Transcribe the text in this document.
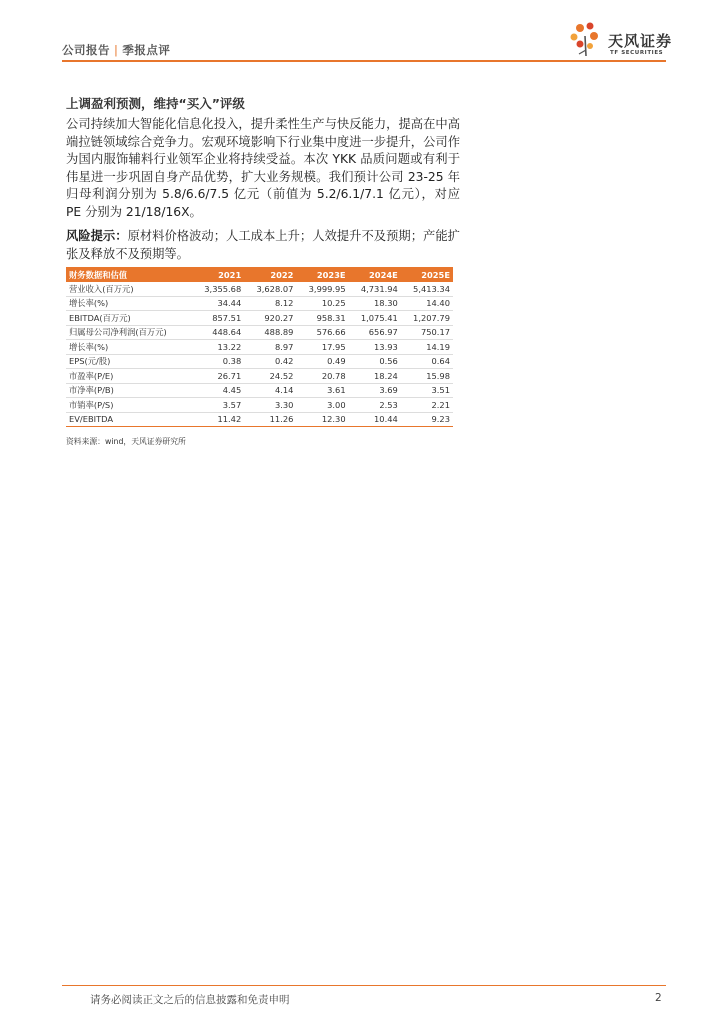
公司报告 | 季报点评	天风证券
TF SECURITIES
上调盈利预测，维持“买入”评级
公司持续加大智能化信息化投入，提升柔性生产与快反能力，提高在中高端拉链领域综合竞争力。宏观环境影响下行业集中度进一步提升，公司作为国内服饰辅料行业领军企业将持续受益。本次 YKK 品质问题或有利于伟星进一步巩固自身产品优势，扩大业务规模。我们预计公司 23-25 年归母利润分别为 5.8/6.6/7.5 亿元（前值为 5.2/6.1/7.1 亿元），对应 PE 分别为 21/18/16X。
风险提示：原材料价格波动；人工成本上升；人效提升不及预期；产能扩张及释放不及预期等。
财务数据和估值	2021	2022	2023E	2024E	2025E
营业收入(百万元)	3,355.68	3,628.07	3,999.95	4,731.94	5,413.34
增长率(%)	34.44	8.12	10.25	18.30	14.40
EBITDA(百万元)	857.51	920.27	958.31	1,075.41	1,207.79
归属母公司净利润(百万元)	448.64	488.89	576.66	656.97	750.17
增长率(%)	13.22	8.97	17.95	13.93	14.19
EPS(元/股)	0.38	0.42	0.49	0.56	0.64
市盈率(P/E)	26.71	24.52	20.78	18.24	15.98
市净率(P/B)	4.45	4.14	3.61	3.69	3.51
市销率(P/S)	3.57	3.30	3.00	2.53	2.21
EV/EBITDA	11.42	11.26	12.30	10.44	9.23
资料来源：wind，天风证券研究所
请务必阅读正文之后的信息披露和免责申明	2
